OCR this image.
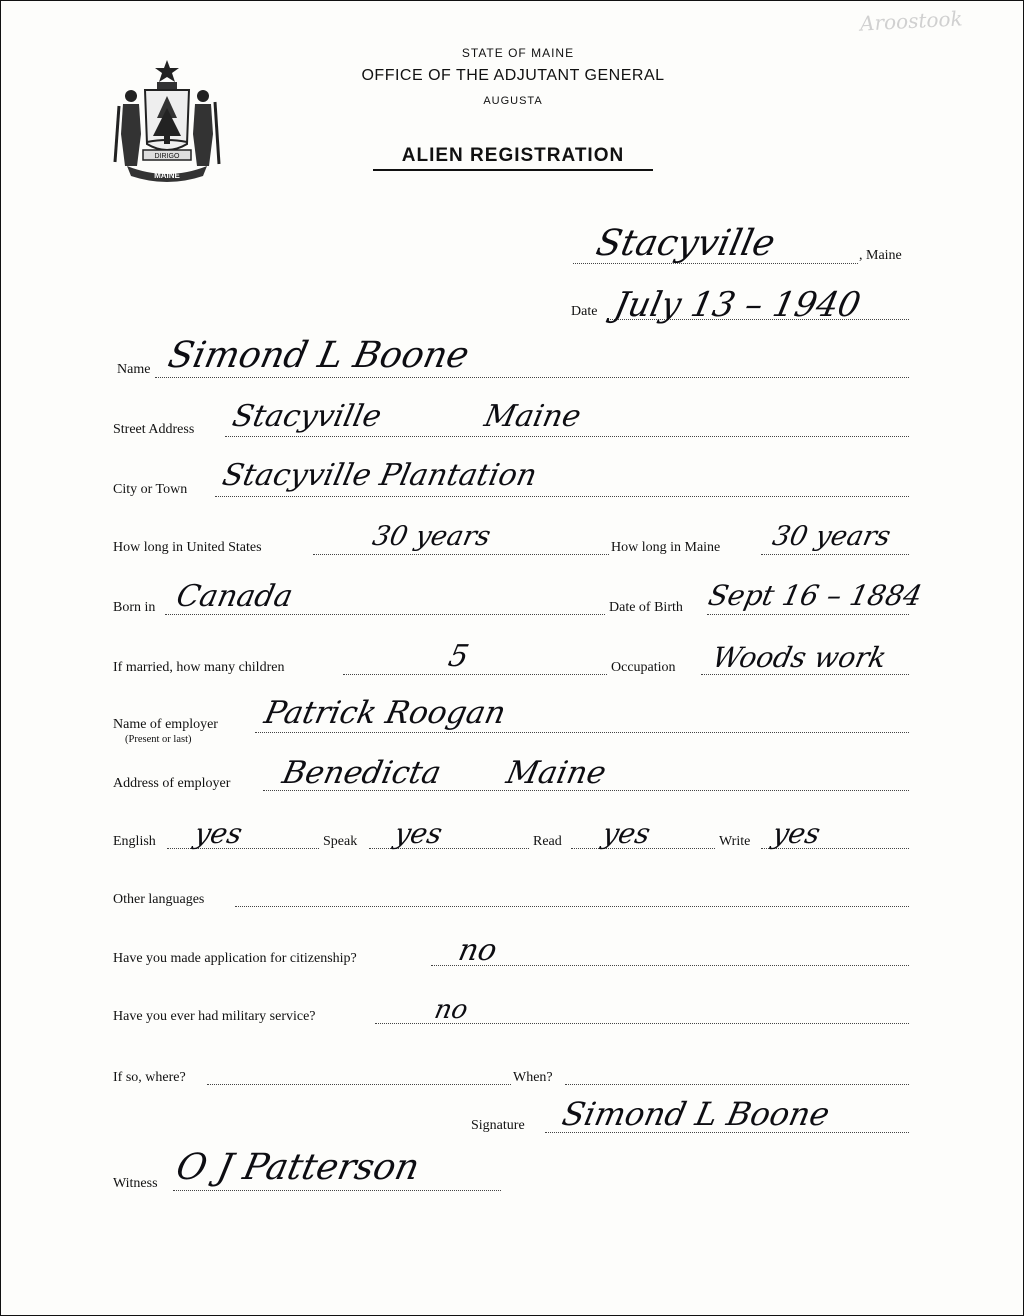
Aroostook
DIRIGO
MAINE
STATE OF MAINE
OFFICE OF THE ADJUTANT GENERAL
AUGUSTA
ALIEN REGISTRATION
Stacyville	, Maine
Date July 13 – 1940
Name Simond L Boone
Street Address Stacyville	Maine
City or Town Stacyville Plantation
How long in United States	30 years	How long in Maine 30 years
Born in Canada	Date of Birth Sept 16 – 1884
If married, how many children	5	Occupation Woods work
Name of employer
(Present or last)
Patrick Roogan
Address of employer Benedicta Maine
English yes	Speak yes	Read yes	Write yes
Other languages
Have you made application for citizenship?	no
Have you ever had military service?	no
If so, where?	When?
Signature Simond L Boone
Witness O J Patterson
